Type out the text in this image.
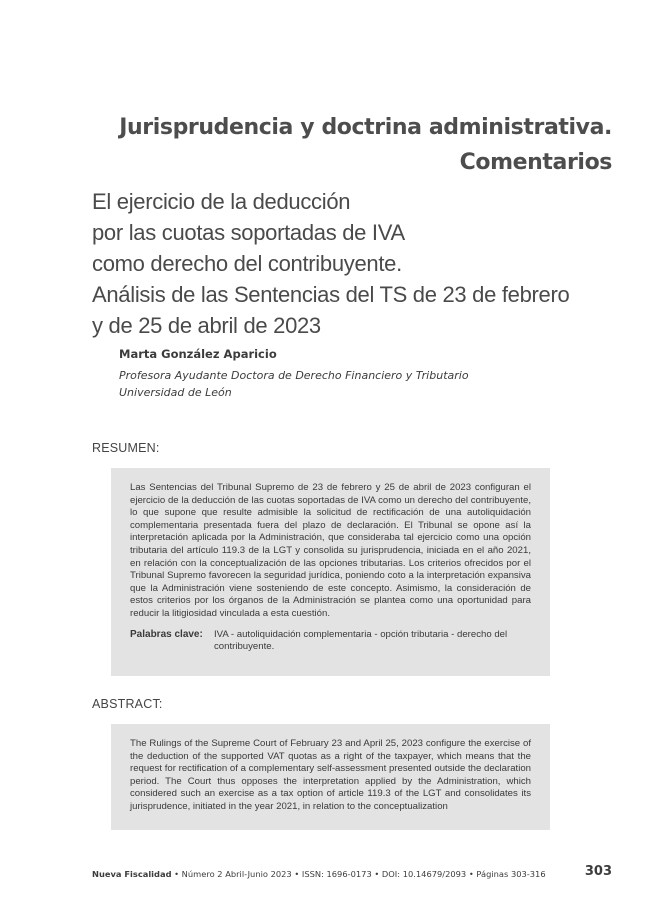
Jurisprudencia y doctrina administrativa.
Comentarios
El ejercicio de la deducción
por las cuotas soportadas de IVA
como derecho del contribuyente.
Análisis de las Sentencias del TS de 23 de febrero
y de 25 de abril de 2023
Marta González Aparicio
Profesora Ayudante Doctora de Derecho Financiero y Tributario
Universidad de León
RESUMEN:

Las Sentencias del Tribunal Supremo de 23 de febrero y 25 de abril de 2023 configuran el ejercicio de la deducción de las cuotas soportadas de IVA como un derecho del contribuyente, lo que supone que resulte admisible la solicitud de rectificación de una autoliquidación complementaria presentada fuera del plazo de declaración. El Tribunal se opone así la interpretación aplicada por la Administración, que consideraba tal ejercicio como una opción tributaria del artículo 119.3 de la LGT y consolida su jurisprudencia, iniciada en el año 2021, en relación con la conceptualización de las opciones tributarias. Los criterios ofrecidos por el Tribunal Supremo favorecen la seguridad jurídica, poniendo coto a la interpretación expansiva que la Administración viene sosteniendo de este concepto. Asimismo, la consideración de estos criterios por los órganos de la Administración se plantea como una oportunidad para reducir la litigiosidad vinculada a esta cuestión.

Palabras clave:	IVA - autoliquidación complementaria - opción tributaria - derecho del contribuyente.
ABSTRACT:

The Rulings of the Supreme Court of February 23 and April 25, 2023 configure the exercise of the deduction of the supported VAT quotas as a right of the taxpayer, which means that the request for rectification of a complementary self-assessment presented outside the declaration period. The Court thus opposes the interpretation applied by the Administration, which considered such an exercise as a tax option of article 119.3 of the LGT and consolidates its jurisprudence, initiated in the year 2021, in relation to the conceptualization

Nueva Fiscalidad • Número 2 Abril-Junio 2023 • ISSN: 1696-0173 • DOI: 10.14679/2093 • Páginas 303-316	303
